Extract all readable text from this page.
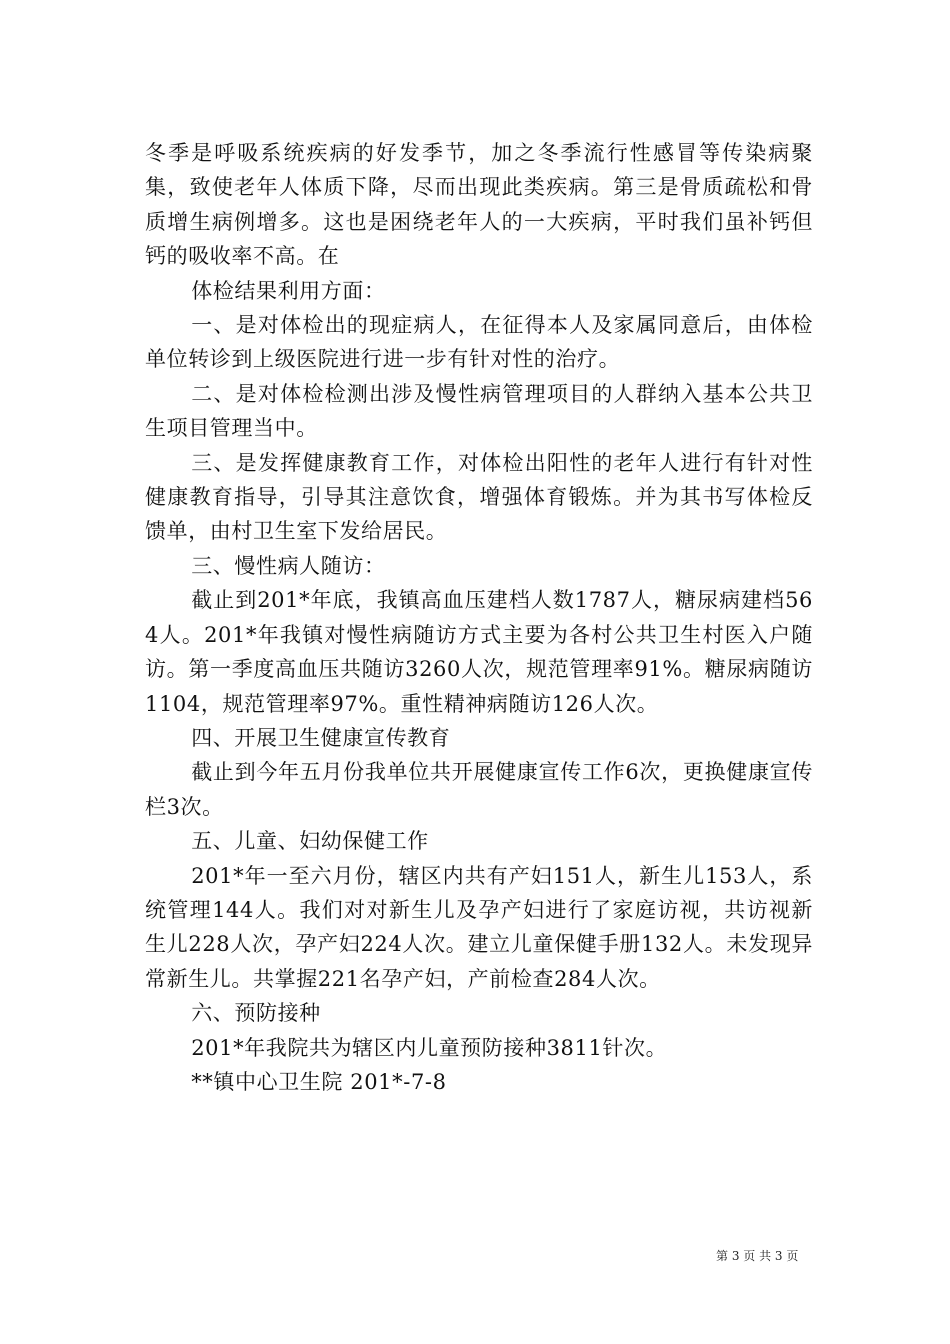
冬季是呼吸系统疾病的好发季节，加之冬季流行性感冒等传染病聚集，致使老年人体质下降，尽而出现此类疾病。第三是骨质疏松和骨质增生病例增多。这也是困绕老年人的一大疾病，平时我们虽补钙但钙的吸收率不高。在

体检结果利用方面：

一、是对体检出的现症病人，在征得本人及家属同意后，由体检单位转诊到上级医院进行进一步有针对性的治疗。

二、是对体检检测出涉及慢性病管理项目的人群纳入基本公共卫生项目管理当中。

三、是发挥健康教育工作，对体检出阳性的老年人进行有针对性健康教育指导，引导其注意饮食，增强体育锻炼。并为其书写体检反馈单，由村卫生室下发给居民。

三、慢性病人随访：

截止到201*年底，我镇高血压建档人数1787人，糖尿病建档564人。201*年我镇对慢性病随访方式主要为各村公共卫生村医入户随访。第一季度高血压共随访3260人次，规范管理率91%。糖尿病随访1104，规范管理率97%。重性精神病随访126人次。

四、开展卫生健康宣传教育

截止到今年五月份我单位共开展健康宣传工作6次，更换健康宣传栏3次。

五、儿童、妇幼保健工作

201*年一至六月份，辖区内共有产妇151人，新生儿153人，系统管理144人。我们对对新生儿及孕产妇进行了家庭访视，共访视新生儿228人次，孕产妇224人次。建立儿童保健手册132人。未发现异常新生儿。共掌握221名孕产妇，产前检查284人次。

六、预防接种

201*年我院共为辖区内儿童预防接种3811针次。

**镇中心卫生院 201*-7-8

第 3 页 共 3 页
